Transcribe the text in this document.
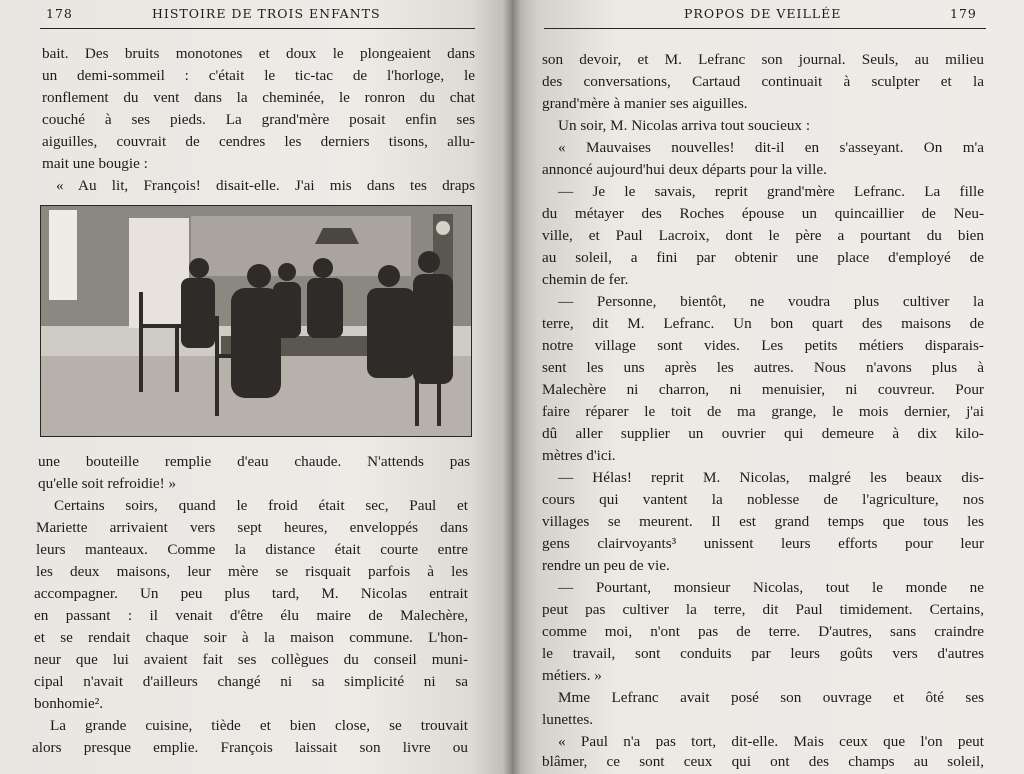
178	HISTOIRE DE TROIS ENFANTS
bait. Des bruits monotones et doux le plongeaient dans
un demi-sommeil : c'était le tic-tac de l'horloge, le
ronflement du vent dans la cheminée, le ronron du chat
couché à ses pieds. La grand'mère posait enfin ses
aiguilles, couvrait de cendres les derniers tisons, allu-
mait une bougie :
« Au lit, François! disait-elle. J'ai mis dans tes draps
une bouteille remplie d'eau chaude. N'attends pas
qu'elle soit refroidie! »
Certains soirs, quand le froid était sec, Paul et
Mariette arrivaient vers sept heures, enveloppés dans
leurs manteaux. Comme la distance était courte entre
les deux maisons, leur mère se risquait parfois à les
accompagner. Un peu plus tard, M. Nicolas entrait
en passant : il venait d'être élu maire de Malechère,
et se rendait chaque soir à la maison commune. L'hon-
neur que lui avaient fait ses collègues du conseil muni-
cipal n'avait d'ailleurs changé ni sa simplicité ni sa
bonhomie².
La grande cuisine, tiède et bien close, se trouvait
alors presque emplie. François laissait son livre ou
PROPOS DE VEILLÉE	179
son devoir, et M. Lefranc son journal. Seuls, au milieu
des conversations, Cartaud continuait à sculpter et la
grand'mère à manier ses aiguilles.
Un soir, M. Nicolas arriva tout soucieux :
« Mauvaises nouvelles! dit-il en s'asseyant. On m'a
annoncé aujourd'hui deux départs pour la ville.
— Je le savais, reprit grand'mère Lefranc. La fille
du métayer des Roches épouse un quincaillier de Neu-
ville, et Paul Lacroix, dont le père a pourtant du bien
au soleil, a fini par obtenir une place d'employé de
chemin de fer.
— Personne, bientôt, ne voudra plus cultiver la
terre, dit M. Lefranc. Un bon quart des maisons de
notre village sont vides. Les petits métiers disparais-
sent les uns après les autres. Nous n'avons plus à
Malechère ni charron, ni menuisier, ni couvreur. Pour
faire réparer le toit de ma grange, le mois dernier, j'ai
dû aller supplier un ouvrier qui demeure à dix kilo-
mètres d'ici.
— Hélas! reprit M. Nicolas, malgré les beaux dis-
cours qui vantent la noblesse de l'agriculture, nos
villages se meurent. Il est grand temps que tous les
gens clairvoyants³ unissent leurs efforts pour leur
rendre un peu de vie.
— Pourtant, monsieur Nicolas, tout le monde ne
peut pas cultiver la terre, dit Paul timidement. Certains,
comme moi, n'ont pas de terre. D'autres, sans craindre
le travail, sont conduits par leurs goûts vers d'autres
métiers. »
Mme Lefranc avait posé son ouvrage et ôté ses
lunettes.
« Paul n'a pas tort, dit-elle. Mais ceux que l'on peut
blâmer, ce sont ceux qui ont des champs au soleil,
